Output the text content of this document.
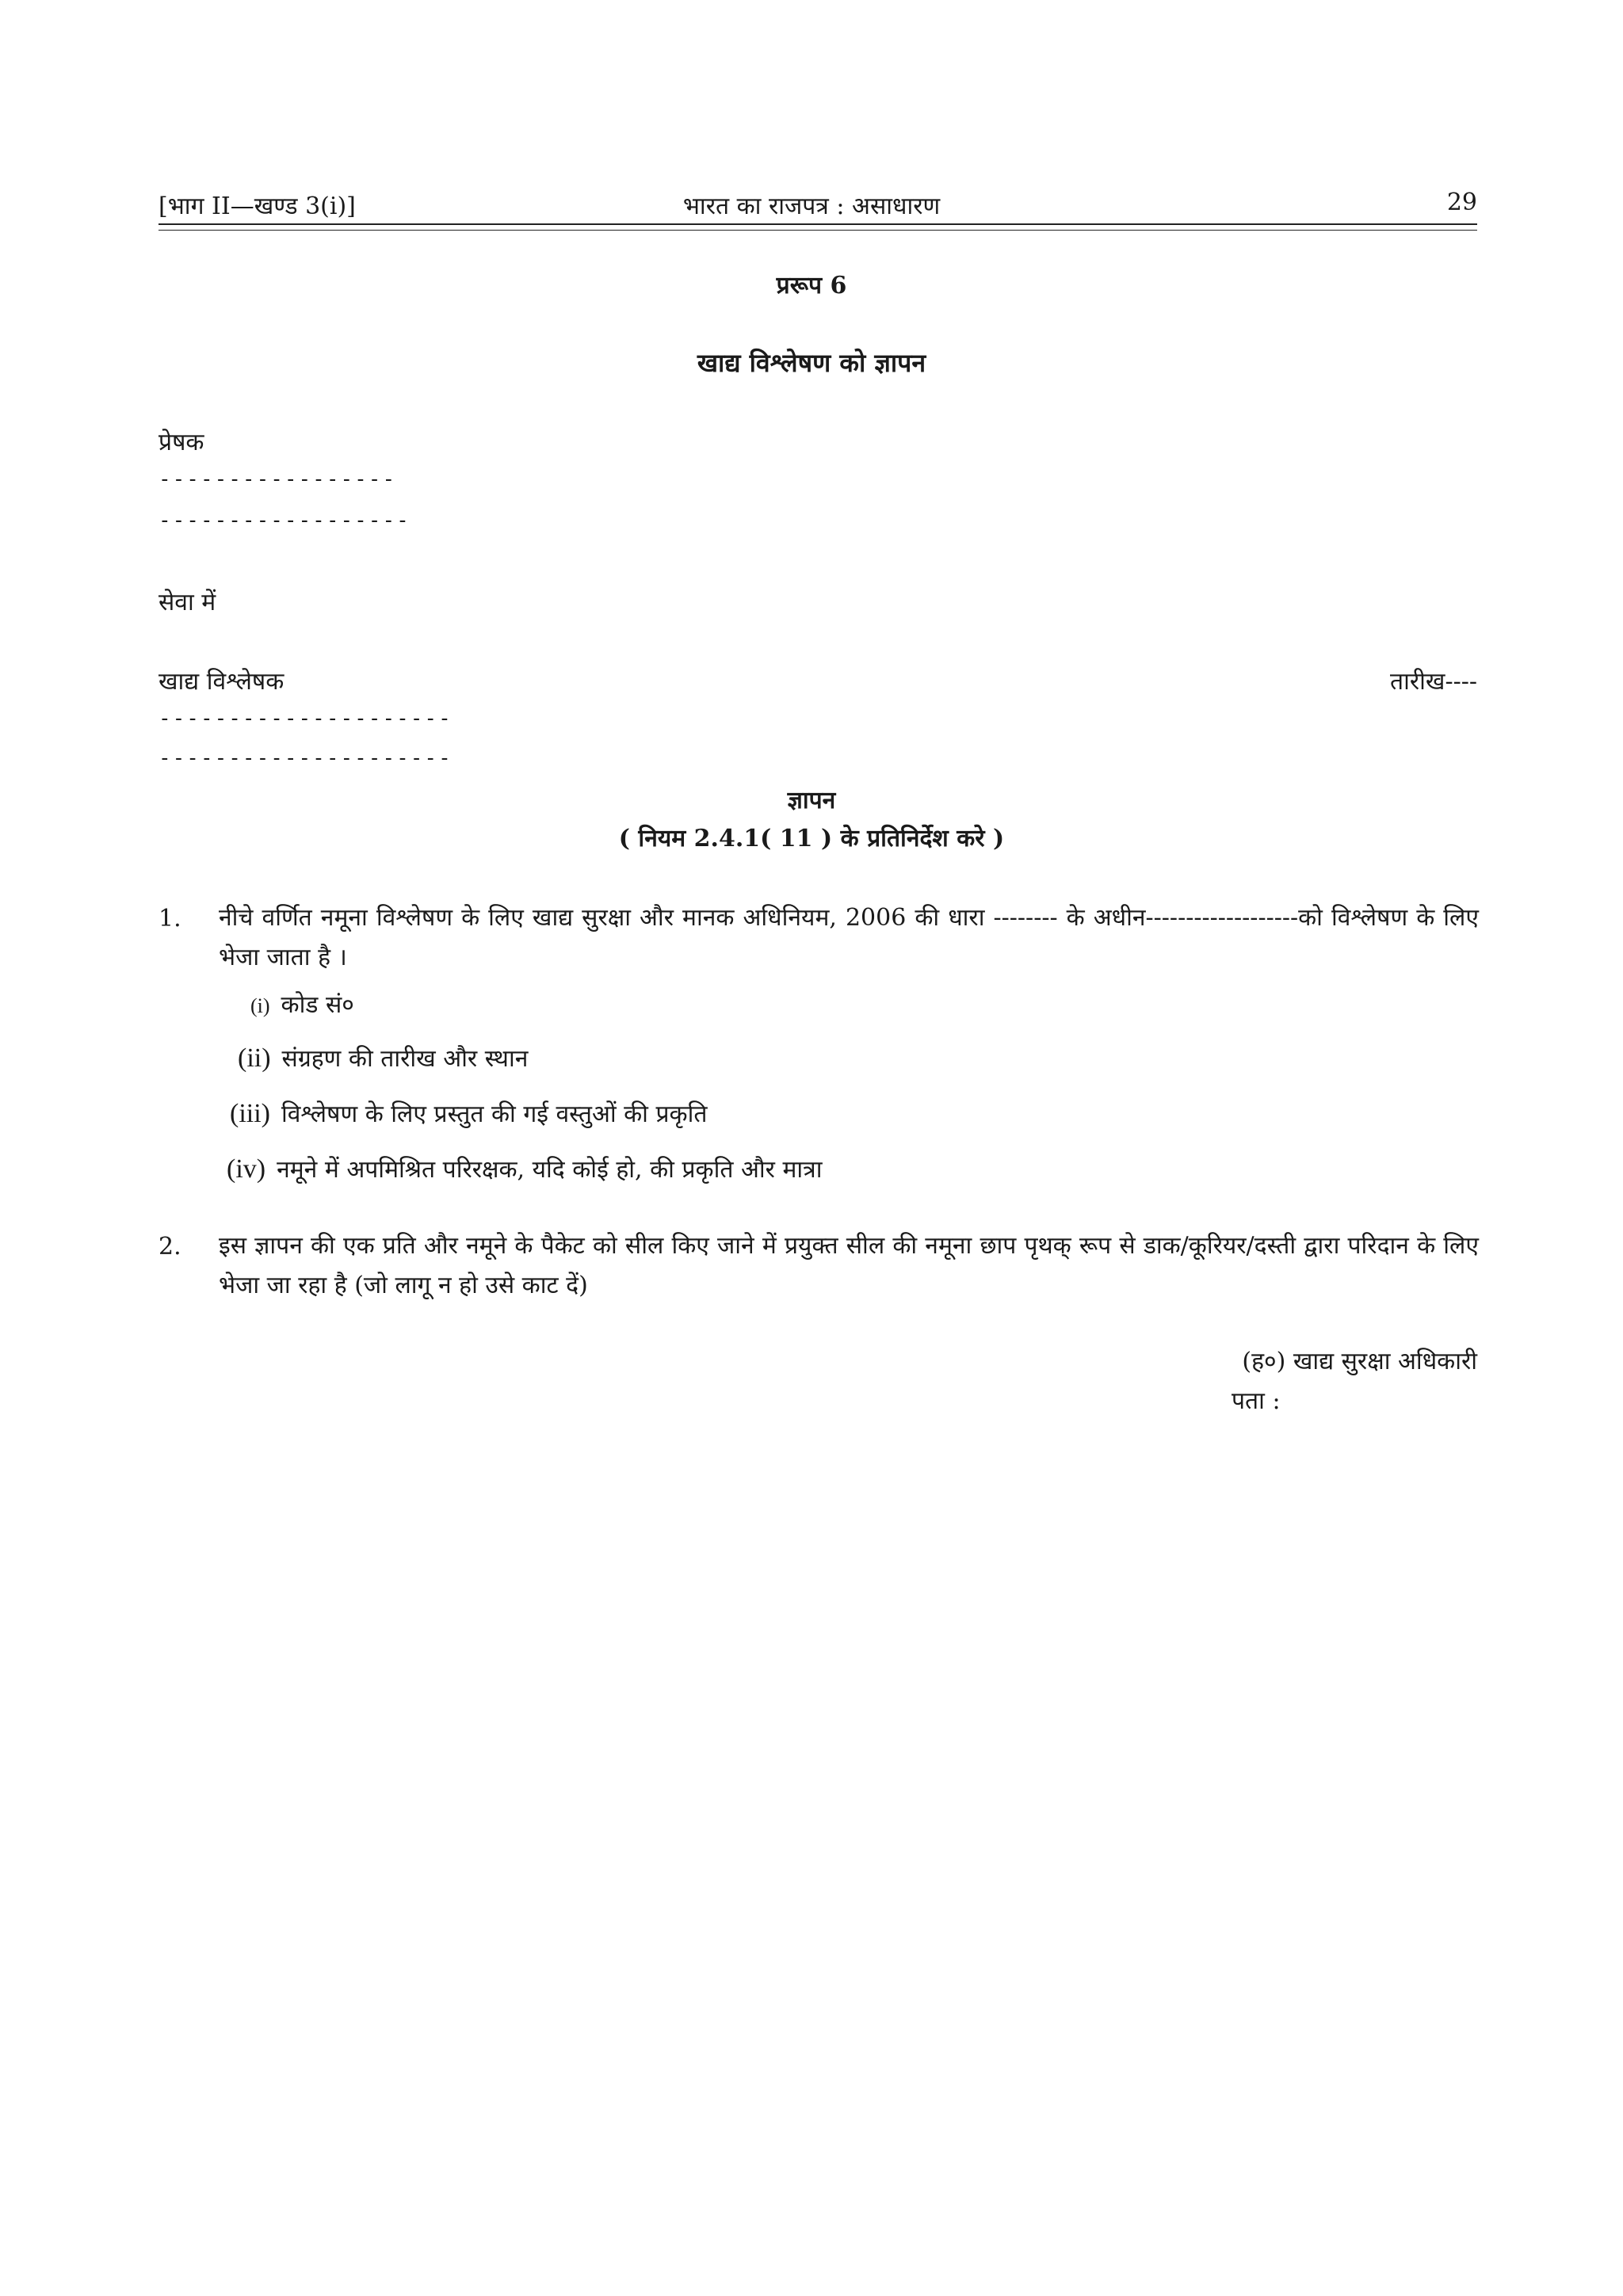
[भाग II—खण्ड 3(i)]	भारत का राजपत्र : असाधारण	29
प्ररूप 6
खाद्य विश्लेषण को ज्ञापन
प्रेषक
-----------------
------------------
सेवा में
खाद्य विश्लेषक	तारीख----
---------------------
---------------------
ज्ञापन
( नियम 2.4.1( 11 ) के प्रतिनिर्देश करे )
1. नीचे वर्णित नमूना विश्लेषण के लिए खाद्य सुरक्षा और मानक अधिनियम, 2006 की धारा -------- के अधीन-------------------को विश्लेषण के लिए भेजा जाता है ।
(i) कोड सं०
(ii) संग्रहण की तारीख और स्थान
(iii) विश्लेषण के लिए प्रस्तुत की गई वस्तुओं की प्रकृति
(iv) नमूने में अपमिश्रित परिरक्षक, यदि कोई हो, की प्रकृति और मात्रा
2. इस ज्ञापन की एक प्रति और नमूने के पैकेट को सील किए जाने में प्रयुक्त सील की नमूना छाप पृथक् रूप से डाक/कूरियर/दस्ती द्वारा परिदान के लिए भेजा जा रहा है (जो लागू न हो उसे काट दें)
(ह०) खाद्य सुरक्षा अधिकारी
पता :
